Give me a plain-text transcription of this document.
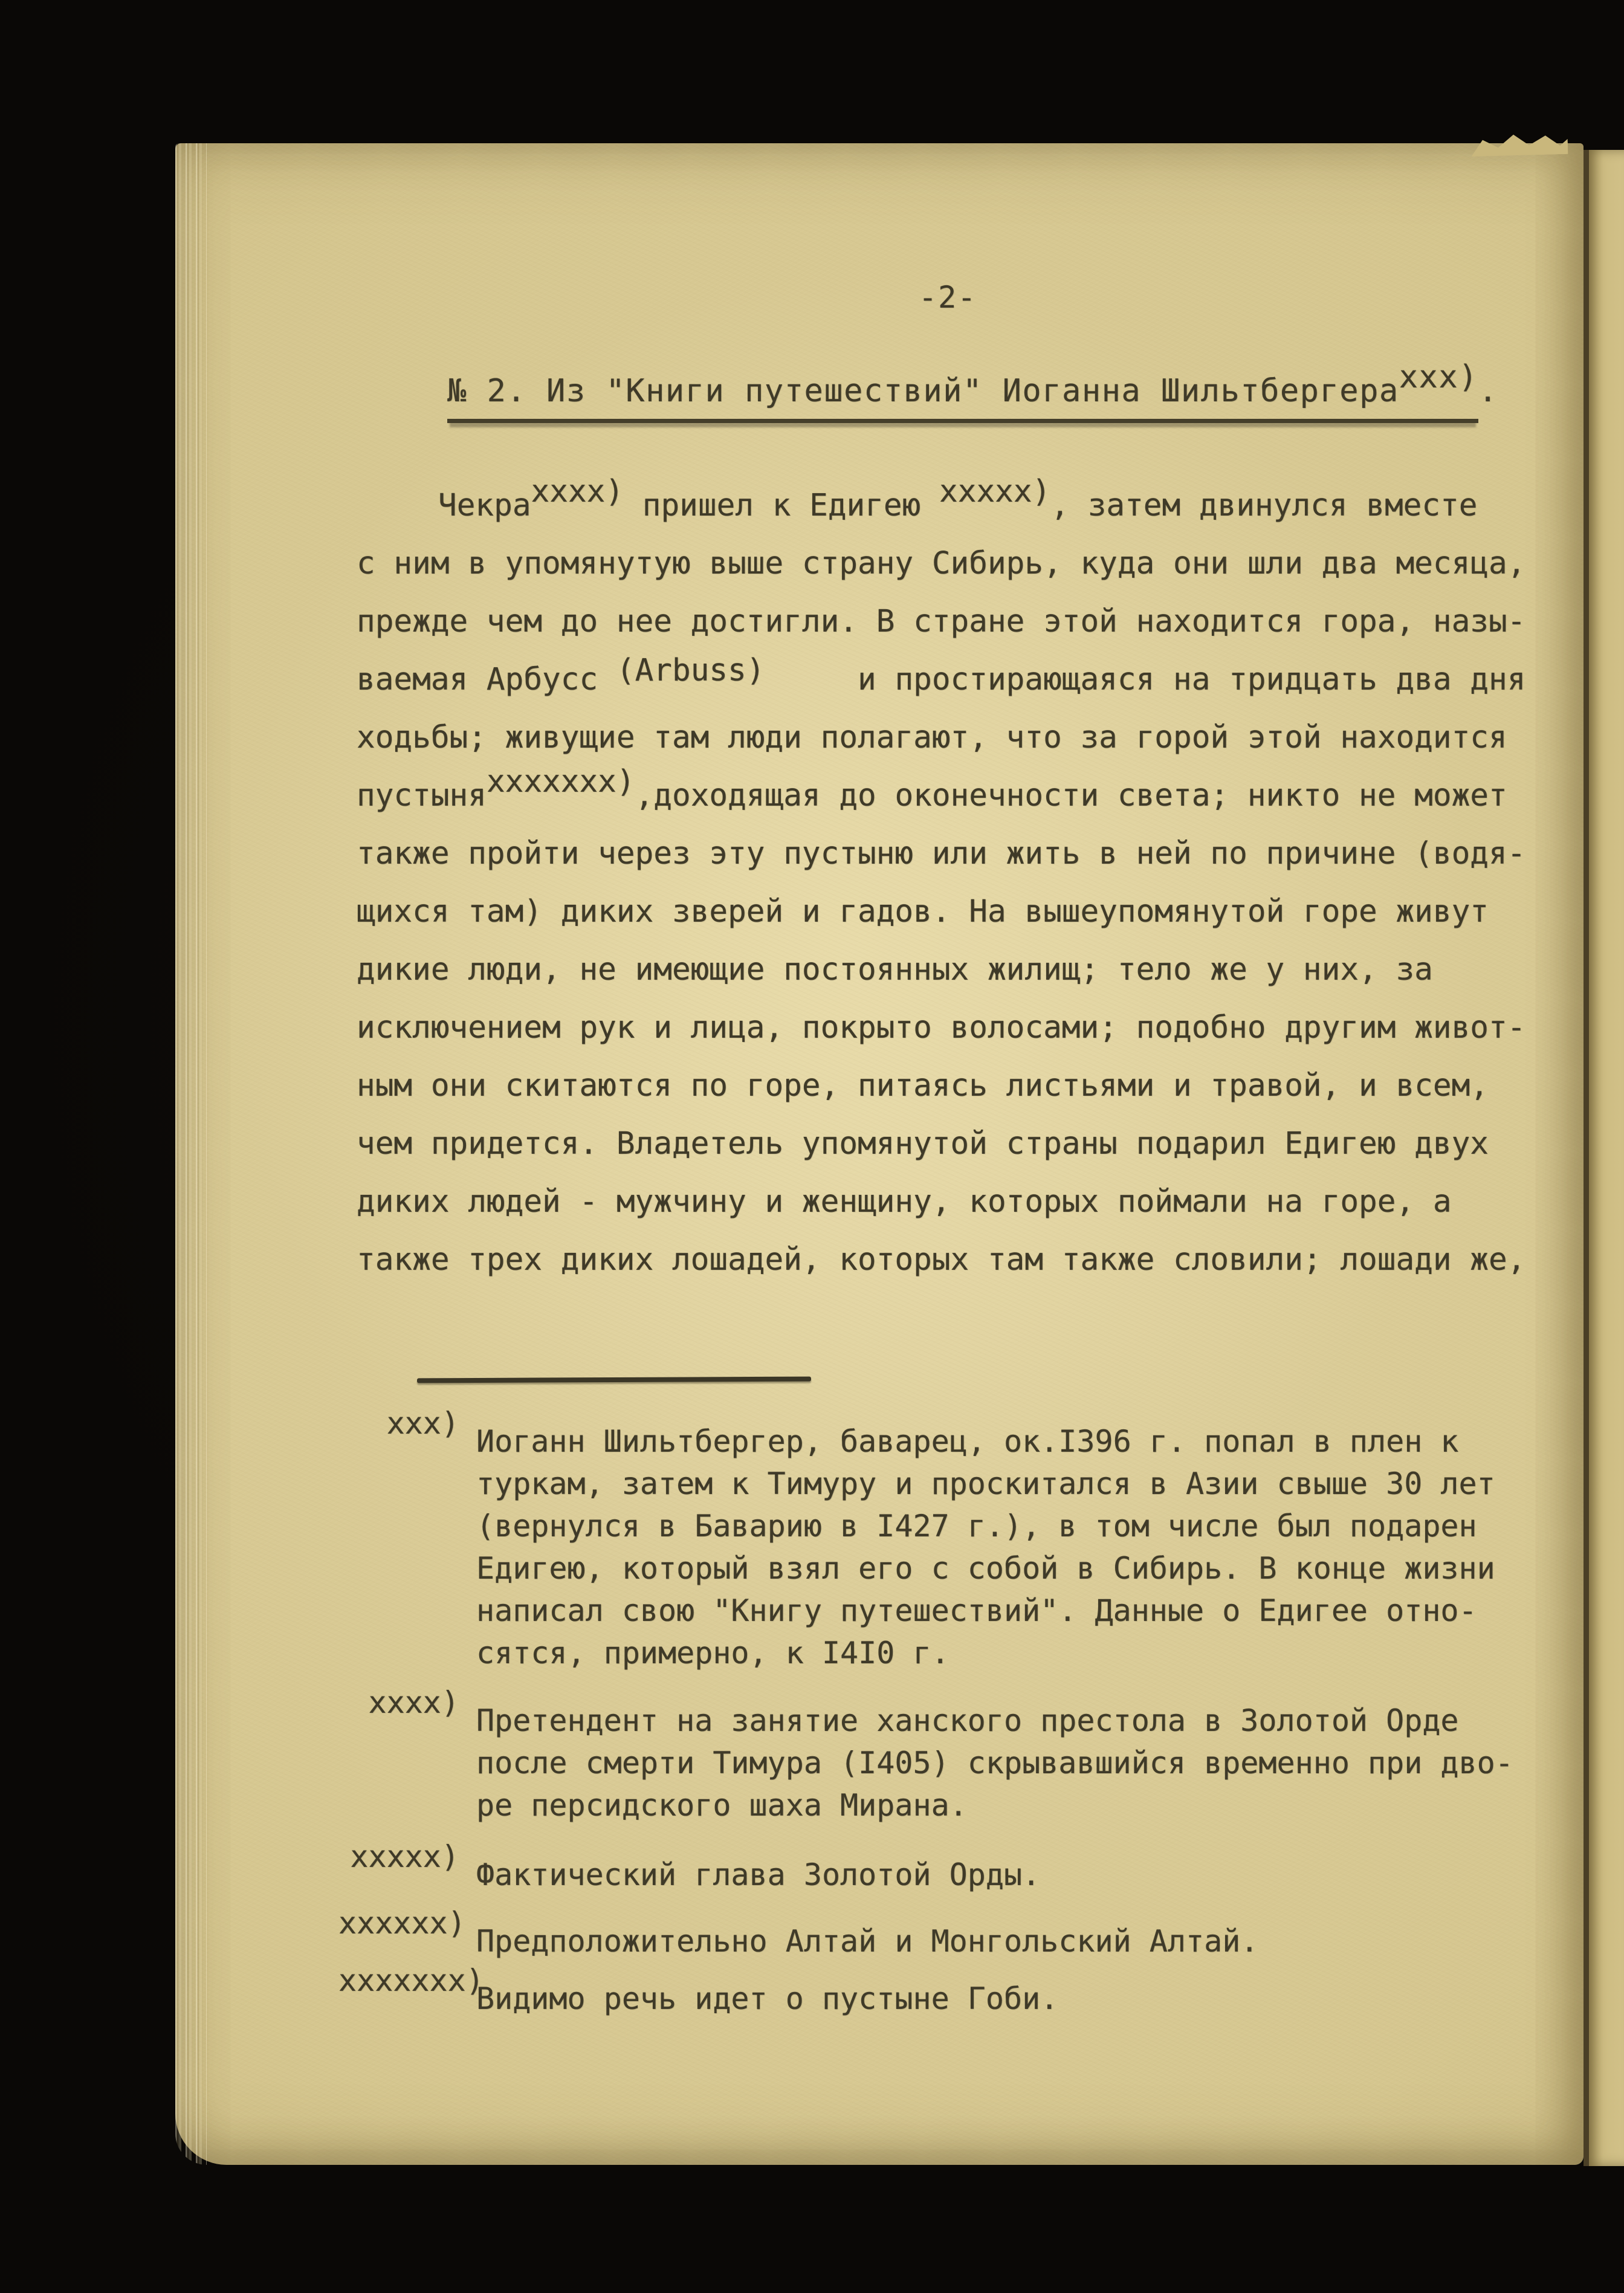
-2-
№ 2. Из "Книги путешествий" Иоганна Шильтбергераxxx).
Чекраxxxx) пришел к Едигею xxxxx), затем двинулся вместе
с ним в упомянутую выше страну Сибирь, куда они шли два месяца,
прежде чем до нее достигли. В стране этой находится гора, назы-
ваемая Арбусс (Arbuss)     и простирающаяся на тридцать два дня
ходьбы; живущие там люди полагают, что за горой этой находится
пустыняxxxxxxx),доходящая до оконечности света; никто не может
также пройти через эту пустыню или жить в ней по причине (водя-
щихся там) диких зверей и гадов. На вышеупомянутой горе живут
дикие люди, не имеющие постоянных жилищ; тело же у них, за
исключением рук и лица, покрыто волосами; подобно другим живот-
ным они скитаются по горе, питаясь листьями и травой, и всем,
чем придется. Владетель упомянутой страны подарил Едигею двух
диких людей - мужчину и женщину, которых поймали на горе, а
также трех диких лошадей, которых там также словили; лошади же,
xxx)
Иоганн Шильтбергер, баварец, ок.I396 г. попал в плен к
туркам, затем к Тимуру и проскитался в Азии свыше 30 лет
(вернулся в Баварию в I427 г.), в том числе был подарен
Едигею, который взял его с собой в Сибирь. В конце жизни
написал свою "Книгу путешествий". Данные о Едигее отно-
сятся, примерно, к I4I0 г.
xxxx)
Претендент на занятие ханского престола в Золотой Орде
после смерти Тимура (I405) скрывавшийся временно при дво-
ре персидского шаха Мирана.
xxxxx)
Фактический глава Золотой Орды.
xxxxxx)
Предположительно Алтай и Монгольский Алтай.
xxxxxxx)
Видимо речь идет о пустыне Гоби.
